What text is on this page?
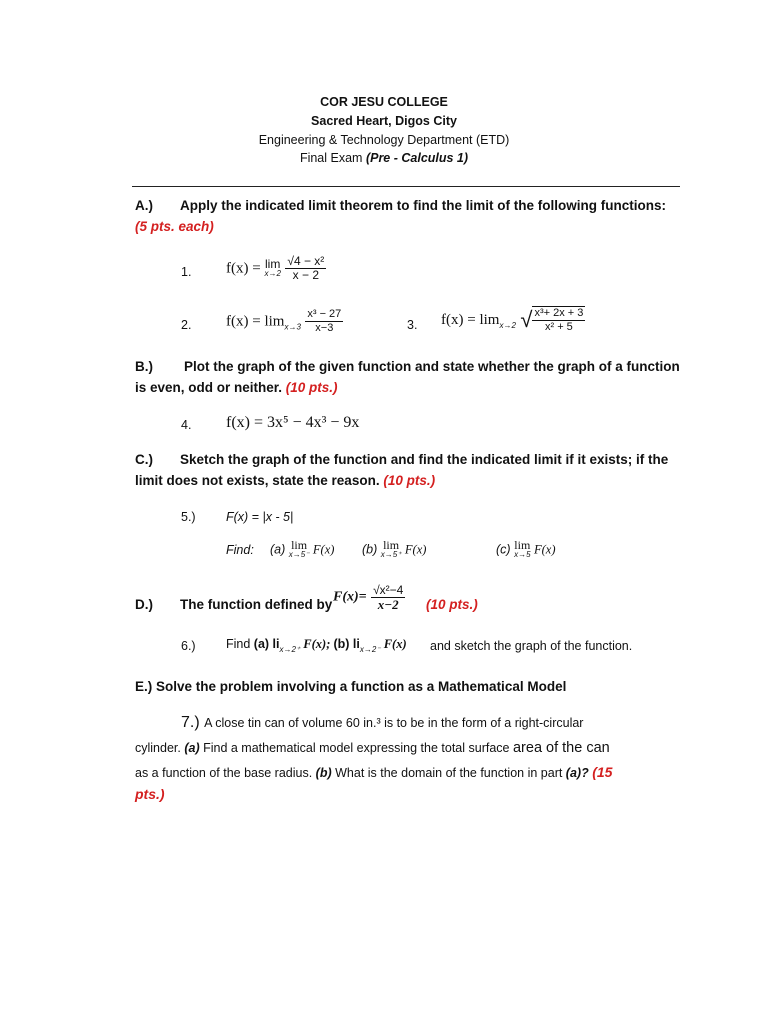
COR JESU COLLEGE
Sacred Heart, Digos City
Engineering & Technology Department (ETD)
Final Exam (Pre - Calculus 1)
A.) Apply the indicated limit theorem to find the limit of the following functions:
(5 pts. each)
1. f(x) = lim
x→2
$\frac{\text{√4 − x²}}{x - 2}$
2. $f(x) = \lim_{x\to 3} \frac{\text{x³ − 27}}{x-3}$	3. $f(x) = \lim_{x\to 2}$ √ $\frac{\text{x³+ 2x + 3}}{\text{x² + 5}}$
B.) Plot the graph of the given function and state whether the graph of a function
is even, odd or neither. (10 pts.)
4. f(x) = 3x⁵ − 4x³ − 9x
C.) Sketch the graph of the function and find the indicated limit if it exists; if the
limit does not exists, state the reason. (10 pts.)
5.) F(x) = |x - 5|
Find: (a) lim
x→5⁻ F(x) (b) lim
x→5⁺ F(x)	(c) lim
x→5 F(x)
D.) The function defined by $F(x)= \frac{\text{√x²−4}}{x-2} (10$ pts.)
6.) Find (a) $li_{x\to 2^+}$ F(x); (b) $li_{x\to 2^-}$ F(x) and sketch the graph of the function.
E.) Solve the problem involving a function as a Mathematical Model
7.) A close tin can of volume 60 in.³ is to be in the form of a right-circular
cylinder. (a) Find a mathematical model expressing the total surface area of the can
as a function of the base radius. (b) What is the domain of the function in part (a)? (15
pts.)
